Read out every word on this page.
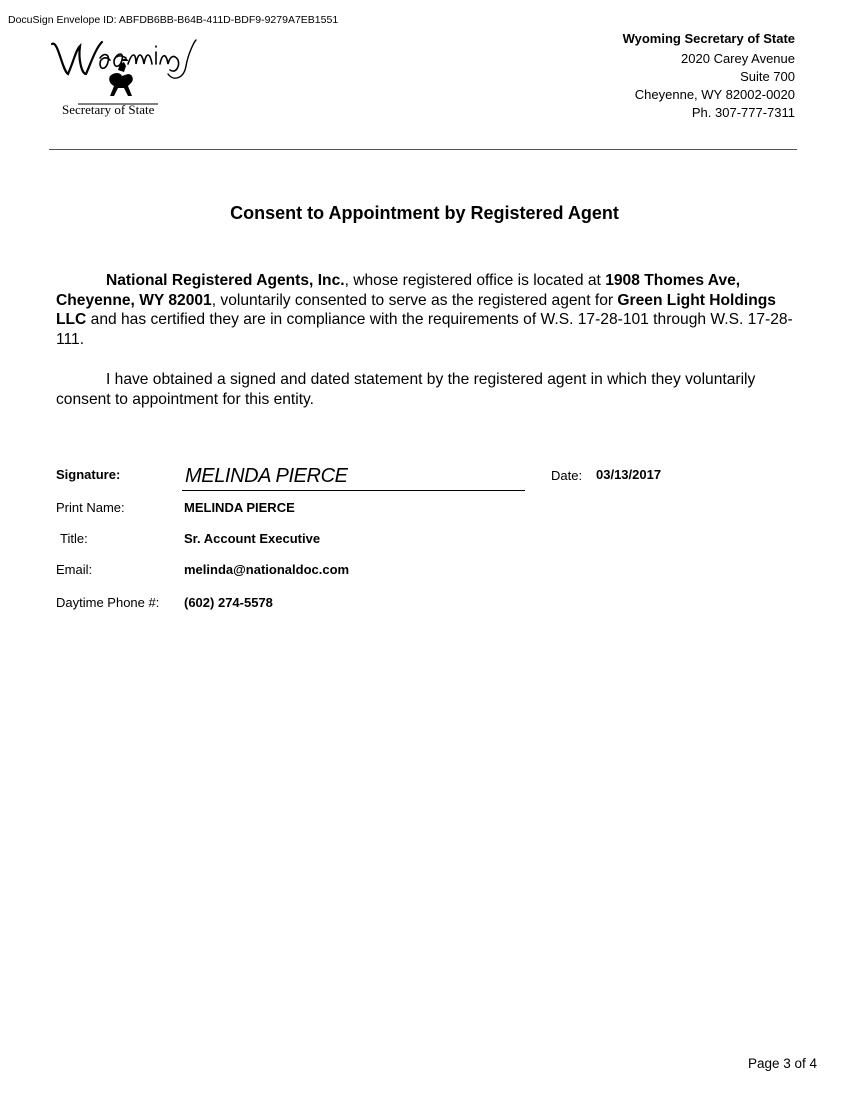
DocuSign Envelope ID: ABFDB6BB-B64B-411D-BDF9-9279A7EB1551
Secretary of State
Wyoming Secretary of State
2020 Carey Avenue
Suite 700
Cheyenne, WY 82002-0020
Ph. 307-777-7311
Consent to Appointment by Registered Agent
National Registered Agents, Inc., whose registered office is located at 1908 Thomes Ave, Cheyenne, WY 82001, voluntarily consented to serve as the registered agent for Green Light Holdings LLC and has certified they are in compliance with the requirements of W.S. 17-28-101 through W.S. 17-28-111.
I have obtained a signed and dated statement by the registered agent in which they voluntarily consent to appointment for this entity.
Signature:	MELINDA PIERCE	Date: 03/13/2017
Print Name:	MELINDA PIERCE
Title:	Sr. Account Executive
Email:	melinda@nationaldoc.com
Daytime Phone #: (602) 274-5578
Page 3 of 4
